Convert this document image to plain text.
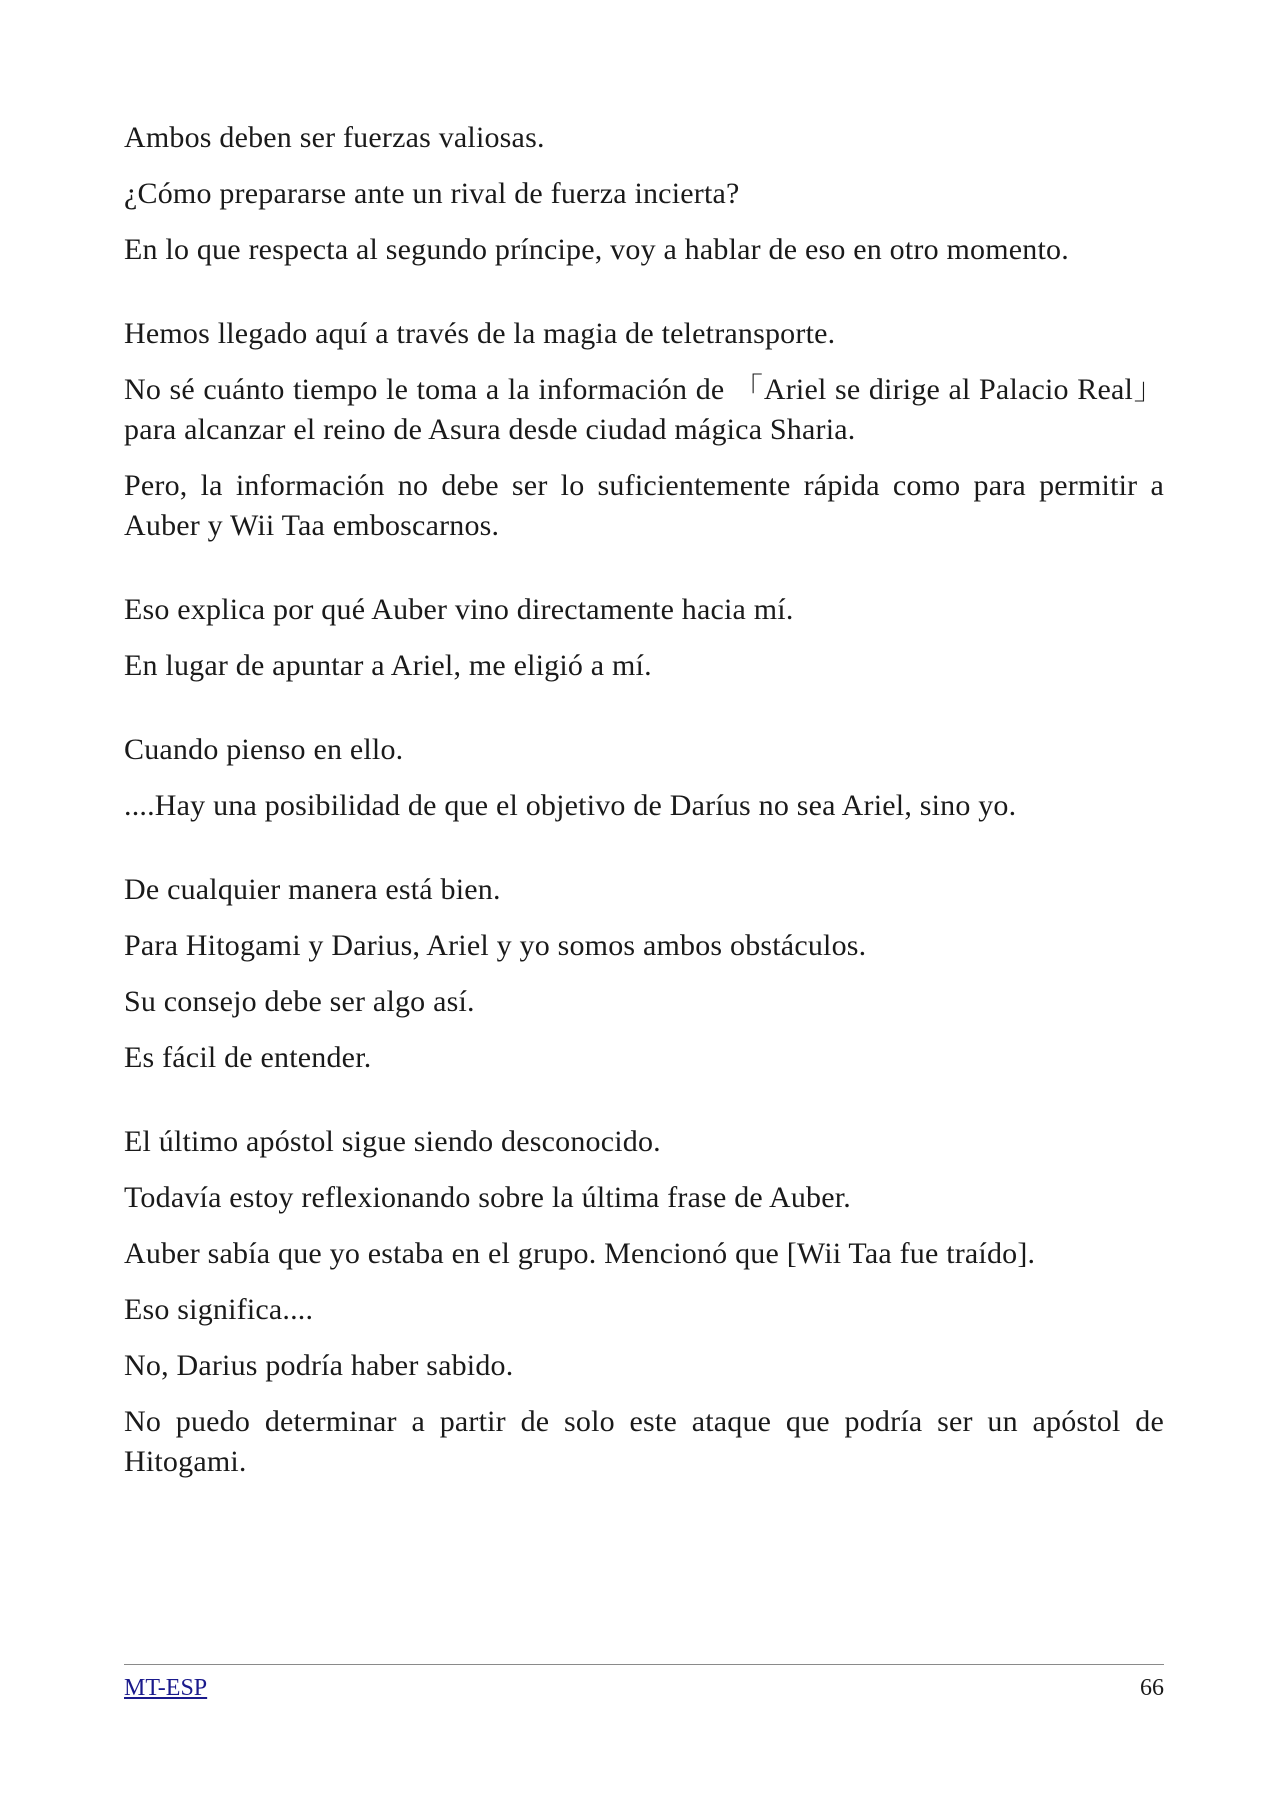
Ambos deben ser fuerzas valiosas.

¿Cómo prepararse ante un rival de fuerza incierta?

En lo que respecta al segundo príncipe, voy a hablar de eso en otro momento.

Hemos llegado aquí a través de la magia de teletransporte.

No sé cuánto tiempo le toma a la información de 「Ariel se dirige al Palacio Real」 para alcanzar el reino de Asura desde ciudad mágica Sharia.

Pero, la información no debe ser lo suficientemente rápida como para permitir a Auber y Wii Taa emboscarnos.

Eso explica por qué Auber vino directamente hacia mí.

En lugar de apuntar a Ariel, me eligió a mí.

Cuando pienso en ello.

....Hay una posibilidad de que el objetivo de Daríus no sea Ariel, sino yo.

De cualquier manera está bien.

Para Hitogami y Darius, Ariel y yo somos ambos obstáculos.

Su consejo debe ser algo así.

Es fácil de entender.

El último apóstol sigue siendo desconocido.

Todavía estoy reflexionando sobre la última frase de Auber.

Auber sabía que yo estaba en el grupo. Mencionó que [Wii Taa fue traído].

Eso significa....

No, Darius podría haber sabido.

No puedo determinar a partir de solo este ataque que podría ser un apóstol de Hitogami.

MT-ESP	66
